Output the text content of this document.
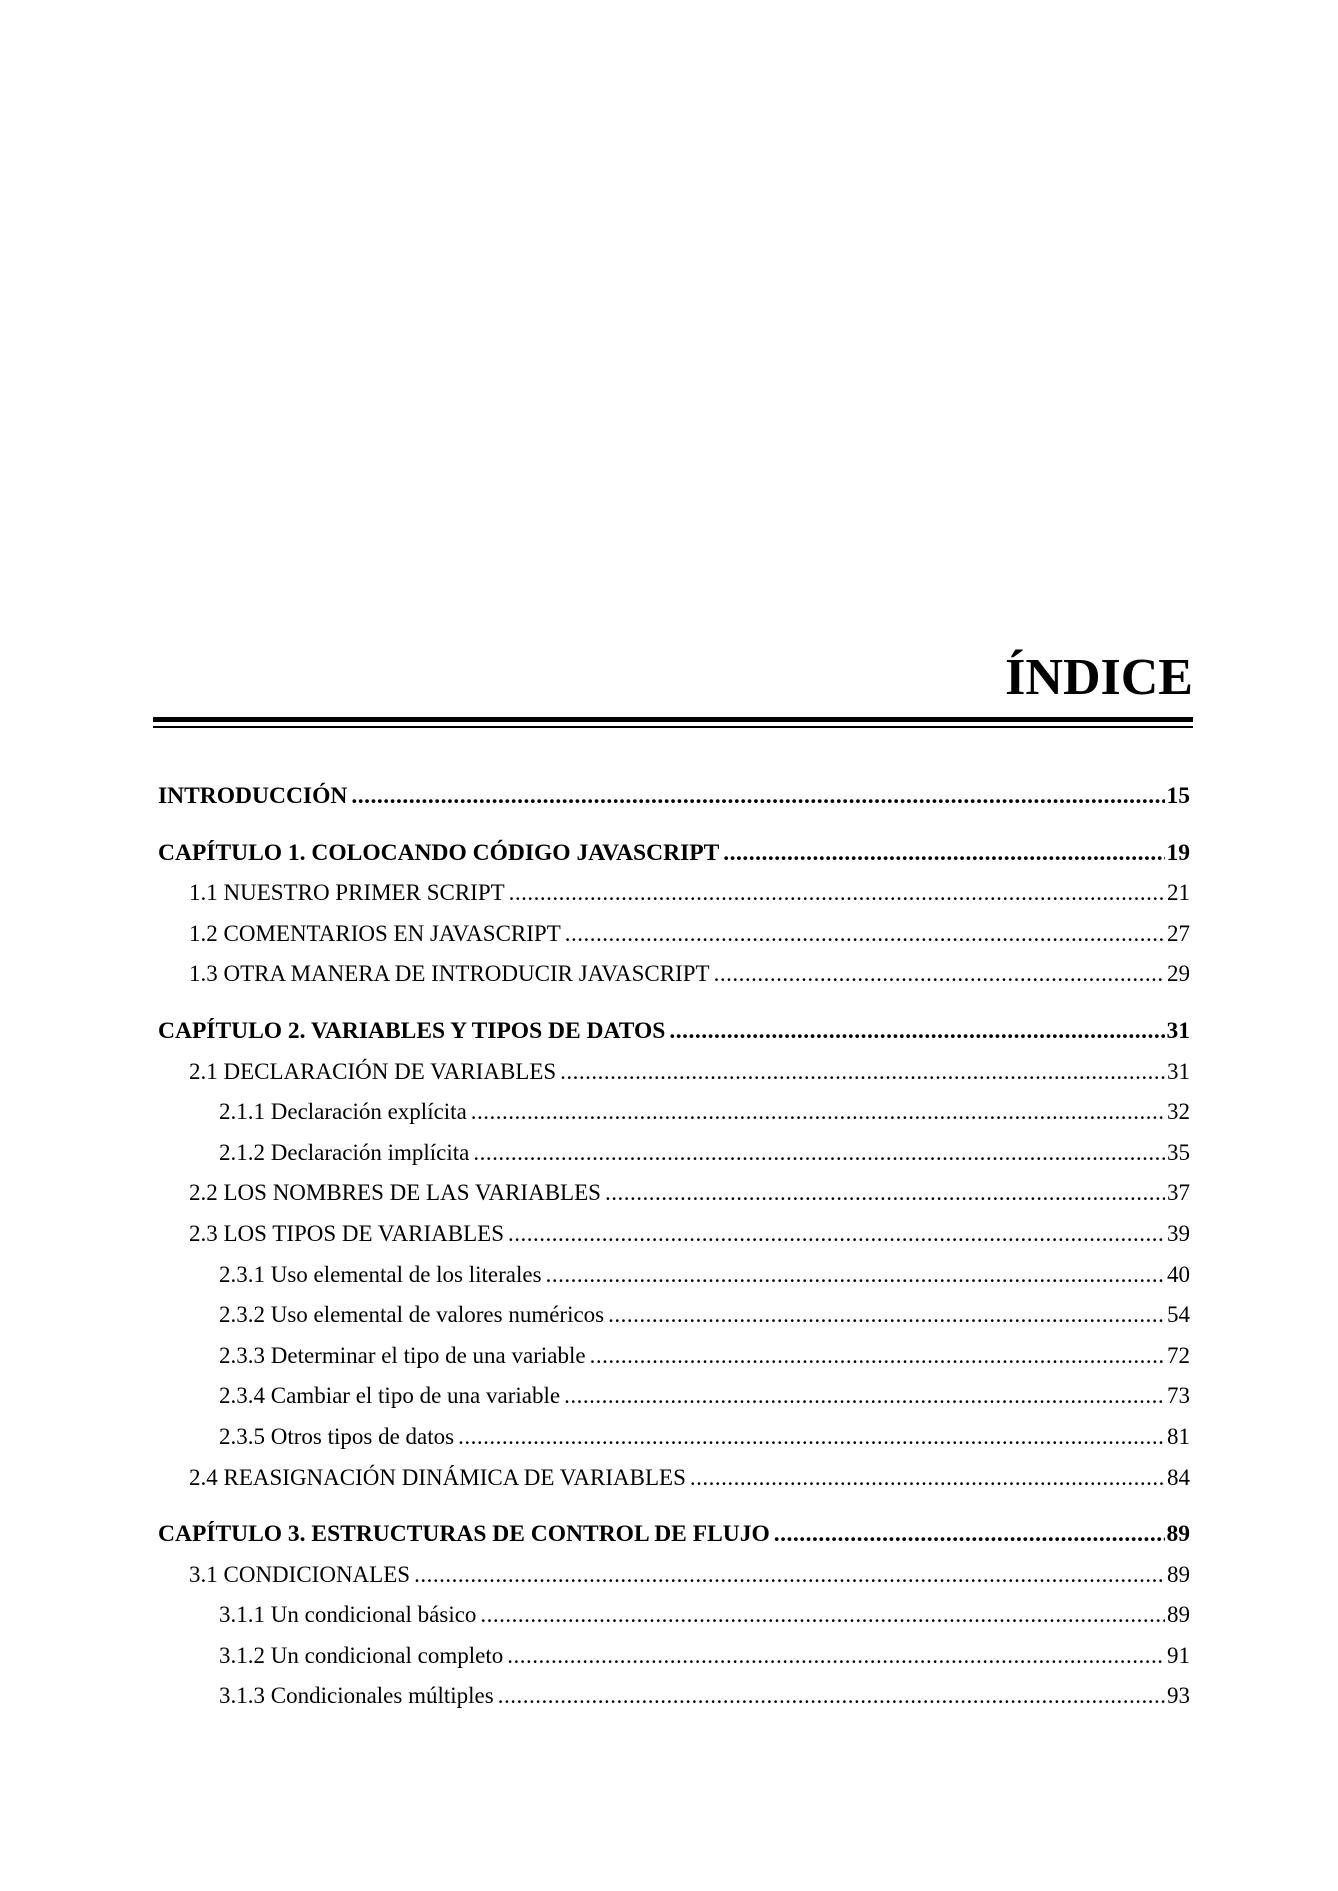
ÍNDICE
INTRODUCCIÓN .....	15
CAPÍTULO 1. COLOCANDO CÓDIGO JAVASCRIPT .....	19
1.1 NUESTRO PRIMER SCRIPT .....	21
1.2 COMENTARIOS EN JAVASCRIPT .....	27
1.3 OTRA MANERA DE INTRODUCIR JAVASCRIPT .....	29
CAPÍTULO 2. VARIABLES Y TIPOS DE DATOS .....	31
2.1 DECLARACIÓN DE VARIABLES .....	31
2.1.1 Declaración explícita .....	32
2.1.2 Declaración implícita .....	35
2.2 LOS NOMBRES DE LAS VARIABLES .....	37
2.3 LOS TIPOS DE VARIABLES .....	39
2.3.1 Uso elemental de los literales .....	40
2.3.2 Uso elemental de valores numéricos .....	54
2.3.3 Determinar el tipo de una variable .....	72
2.3.4 Cambiar el tipo de una variable .....	73
2.3.5 Otros tipos de datos .....	81
2.4 REASIGNACIÓN DINÁMICA DE VARIABLES .....	84
CAPÍTULO 3. ESTRUCTURAS DE CONTROL DE FLUJO .....	89
3.1 CONDICIONALES .....	89
3.1.1 Un condicional básico .....	89
3.1.2 Un condicional completo .....	91
3.1.3 Condicionales múltiples .....	93
